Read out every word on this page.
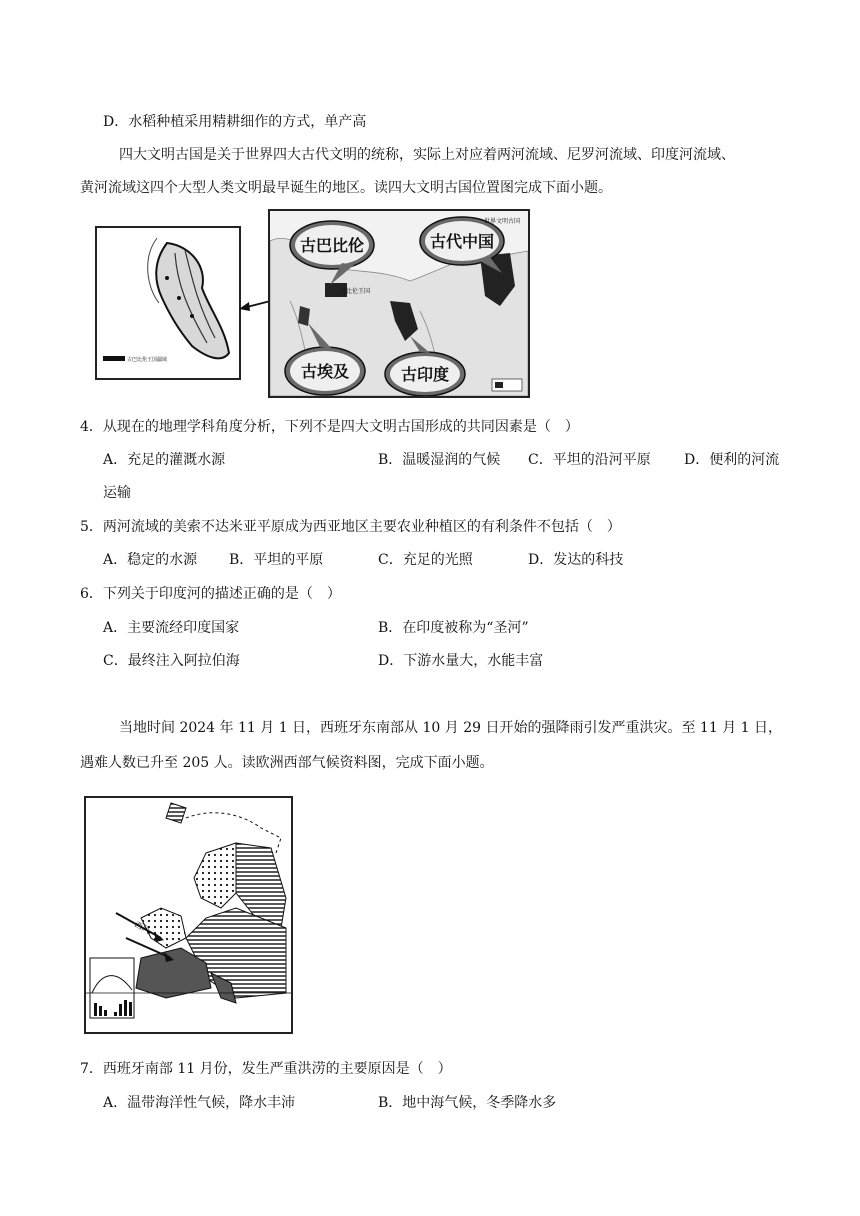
D．水稻种植采用精耕细作的方式，单产高
四大文明古国是关于世界四大古代文明的统称，实际上对应着两河流域、尼罗河流域、印度河流域、
黄河流域这四个大型人类文明最早诞生的地区。读四大文明古国位置图完成下面小题。
古巴比伦王国疆域
古巴比伦	古代中国
古埃及	古印度
世界文明古国
巴比伦王国
4．从现在的地理学科角度分析，下列不是四大文明古国形成的共同因素是（　）
A．充足的灌溉水源	B．温暖湿润的气候 C．平坦的沿河平原 D．便利的河流
运输
5．两河流域的美索不达米亚平原成为西亚地区主要农业种植区的有利条件不包括（　）
A．稳定的水源 B．平坦的平原	C．充足的光照	D．发达的科技
6．下列关于印度河的描述正确的是（　）
A．主要流经印度国家	B．在印度被称为“圣河”
C．最终注入阿拉伯海	D．下游水量大，水能丰富
当地时间 2024 年 11 月 1 日，西班牙东南部从 10 月 29 日开始的强降雨引发严重洪灾。至 11 月 1 日，
遇难人数已升至 205 人。读欧洲西部气候资料图，完成下面小题。
西风
7．西班牙南部 11 月份，发生严重洪涝的主要原因是（　）
A．温带海洋性气候，降水丰沛	B．地中海气候，冬季降水多
